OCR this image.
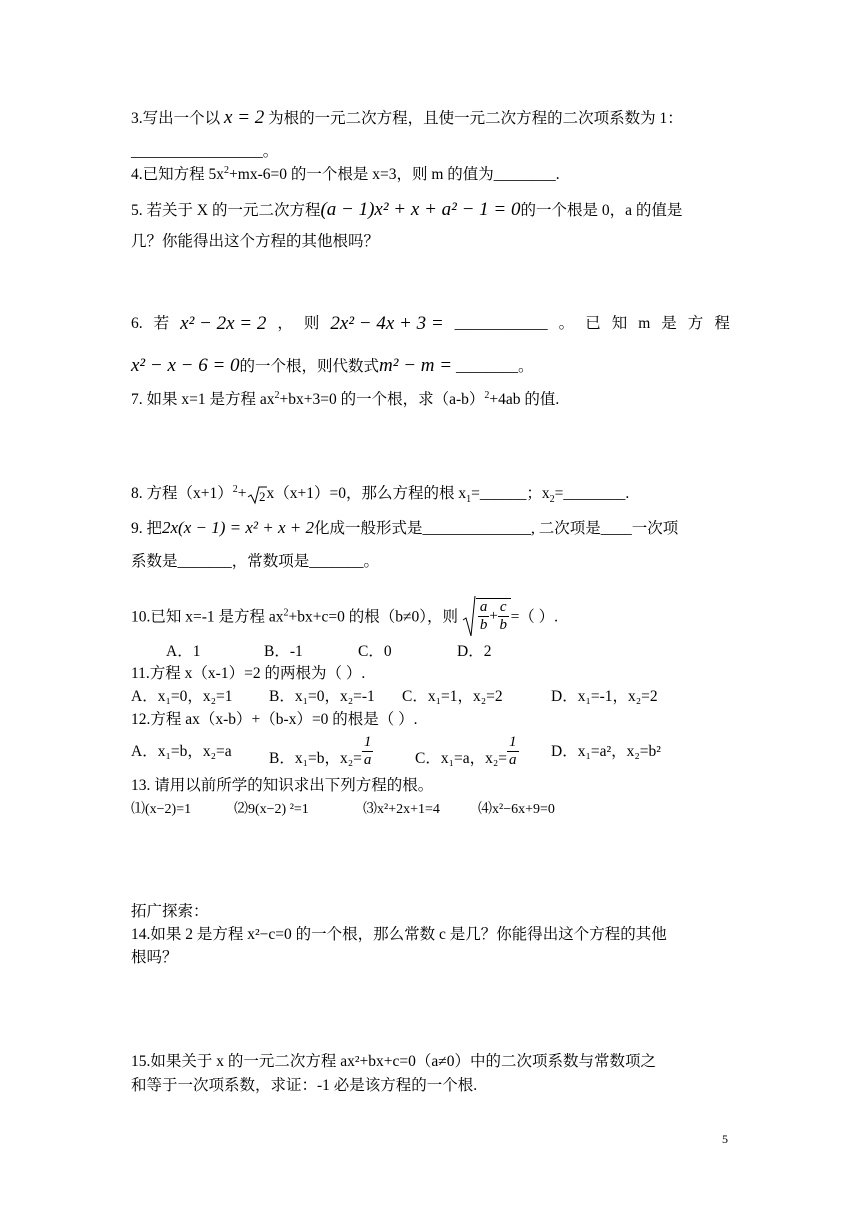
3.写出一个以 x = 2 为根的一元二次方程，且使一元二次方程的二次项系数为 1：
_________________。
4.已知方程 $5x^2+mx-6=0$ 的一个根是 x=3，则 m 的值为________.
5. 若关于 X 的一元二次方程(a − 1)x² + x + a² − 1 = 0的一个根是 0，a 的值是
几？你能得出这个方程的其他根吗？
6. 若 x² − 2x = 2 ， 则 2x² − 4x + 3 = ____________ 。 已 知 m 是 方 程
x² − x − 6 = 0的一个根，则代数式m² − m = ________。
7. 如果 x=1 是方程 $ax^2+bx+3=0$ 的一个根，求$(a-b)^2+4ab$ 的值.
8. 方程$(x+1)^2+ 2$ x（x+1）=0，那么方程的根 $x_1=\_\_\_\_\_\_$；$x_2=\_\_\_\_\_\_\_\_$.
9. 把2x(x − 1) = x² + x + 2化成一般形式是______________, 二次项是____一次项
系数是_______，常数项是_______。
10.已知 x=-1 是方程 $ax^2+bx+c=0$ 的根（b≠0），则 $\frac{a}{b} + \frac{c}{b}$ =（ ）.
A．1	B．-1	C．0	D．2
11.方程 x（x-1）=2 的两根为（ ）.
A．x₁=0，x₂=1 B．x₁=0，x₂=-1 C．x₁=1，x₂=2	D．x₁=-1，x₂=2
12.方程 ax（x-b）+（b-x）=0 的根是（ ）.
A．x₁=b，x₂=a B．x₁=b，$x_2= \frac{1}{a}$	C．x₁=a，$x_2= \frac{1}{a}$ D．x₁=a²，x₂=b²
13. 请用以前所学的知识求出下列方程的根。
⑴(x−2)=1	⑵9(x−2) ²=1	⑶x²+2x+1=4	⑷x²−6x+9=0
拓广探索：
14.如果 2 是方程 x²−c=0 的一个根，那么常数 c 是几？你能得出这个方程的其他
根吗？
15.如果关于 x 的一元二次方程 ax²+bx+c=0（a≠0）中的二次项系数与常数项之
和等于一次项系数，求证：-1 必是该方程的一个根.
5
